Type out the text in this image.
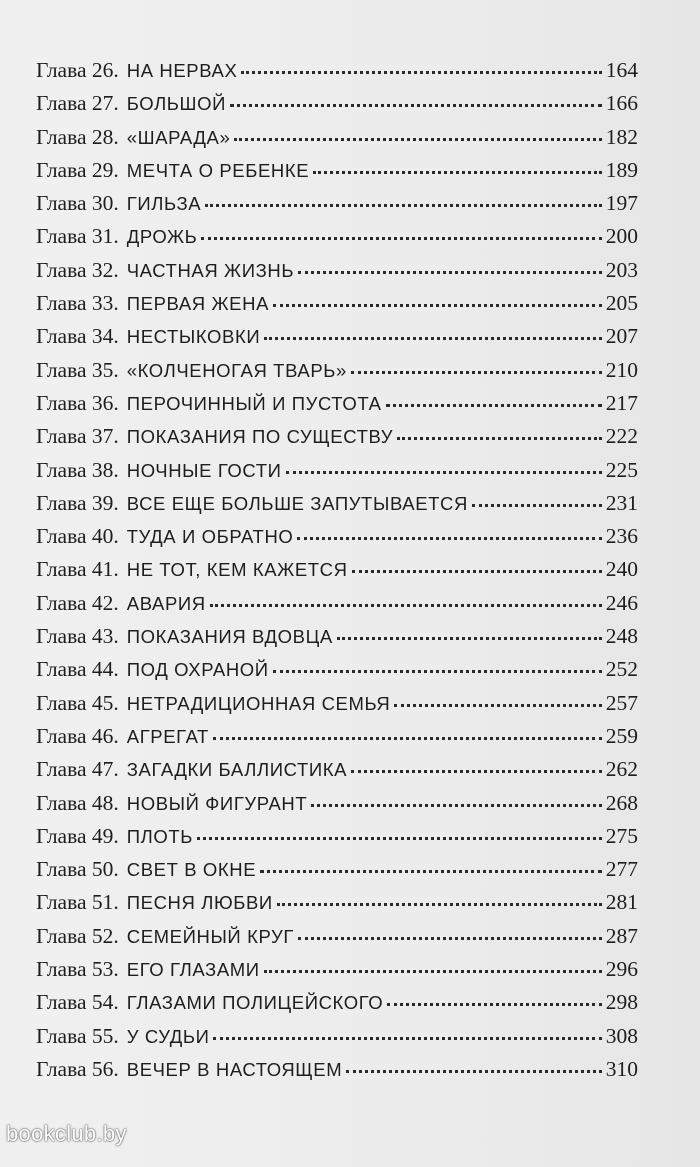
Глава 26. НА НЕРВАХ	164
Глава 27. БОЛЬШОЙ	166
Глава 28. «ШАРАДА»	182
Глава 29. МЕЧТА О РЕБЕНКЕ	189
Глава 30. ГИЛЬЗА	197
Глава 31. ДРОЖЬ	200
Глава 32. ЧАСТНАЯ ЖИЗНЬ	203
Глава 33. ПЕРВАЯ ЖЕНА	205
Глава 34. НЕСТЫКОВКИ	207
Глава 35. «КОЛЧЕНОГАЯ ТВАРЬ»	210
Глава 36. ПЕРОЧИННЫЙ И ПУСТОТА	217
Глава 37. ПОКАЗАНИЯ ПО СУЩЕСТВУ	222
Глава 38. НОЧНЫЕ ГОСТИ	225
Глава 39. ВСЕ ЕЩЕ БОЛЬШЕ ЗАПУТЫВАЕТСЯ	231
Глава 40. ТУДА И ОБРАТНО	236
Глава 41. НЕ ТОТ, КЕМ КАЖЕТСЯ	240
Глава 42. АВАРИЯ	246
Глава 43. ПОКАЗАНИЯ ВДОВЦА	248
Глава 44. ПОД ОХРАНОЙ	252
Глава 45. НЕТРАДИЦИОННАЯ СЕМЬЯ	257
Глава 46. АГРЕГАТ	259
Глава 47. ЗАГАДКИ БАЛЛИСТИКА	262
Глава 48. НОВЫЙ ФИГУРАНТ	268
Глава 49. ПЛОТЬ	275
Глава 50. СВЕТ В ОКНЕ	277
Глава 51. ПЕСНЯ ЛЮБВИ	281
Глава 52. СЕМЕЙНЫЙ КРУГ	287
Глава 53. ЕГО ГЛАЗАМИ	296
Глава 54. ГЛАЗАМИ ПОЛИЦЕЙСКОГО	298
Глава 55. У СУДЬИ	308
Глава 56. ВЕЧЕР В НАСТОЯЩЕМ	310
bookclub.by
